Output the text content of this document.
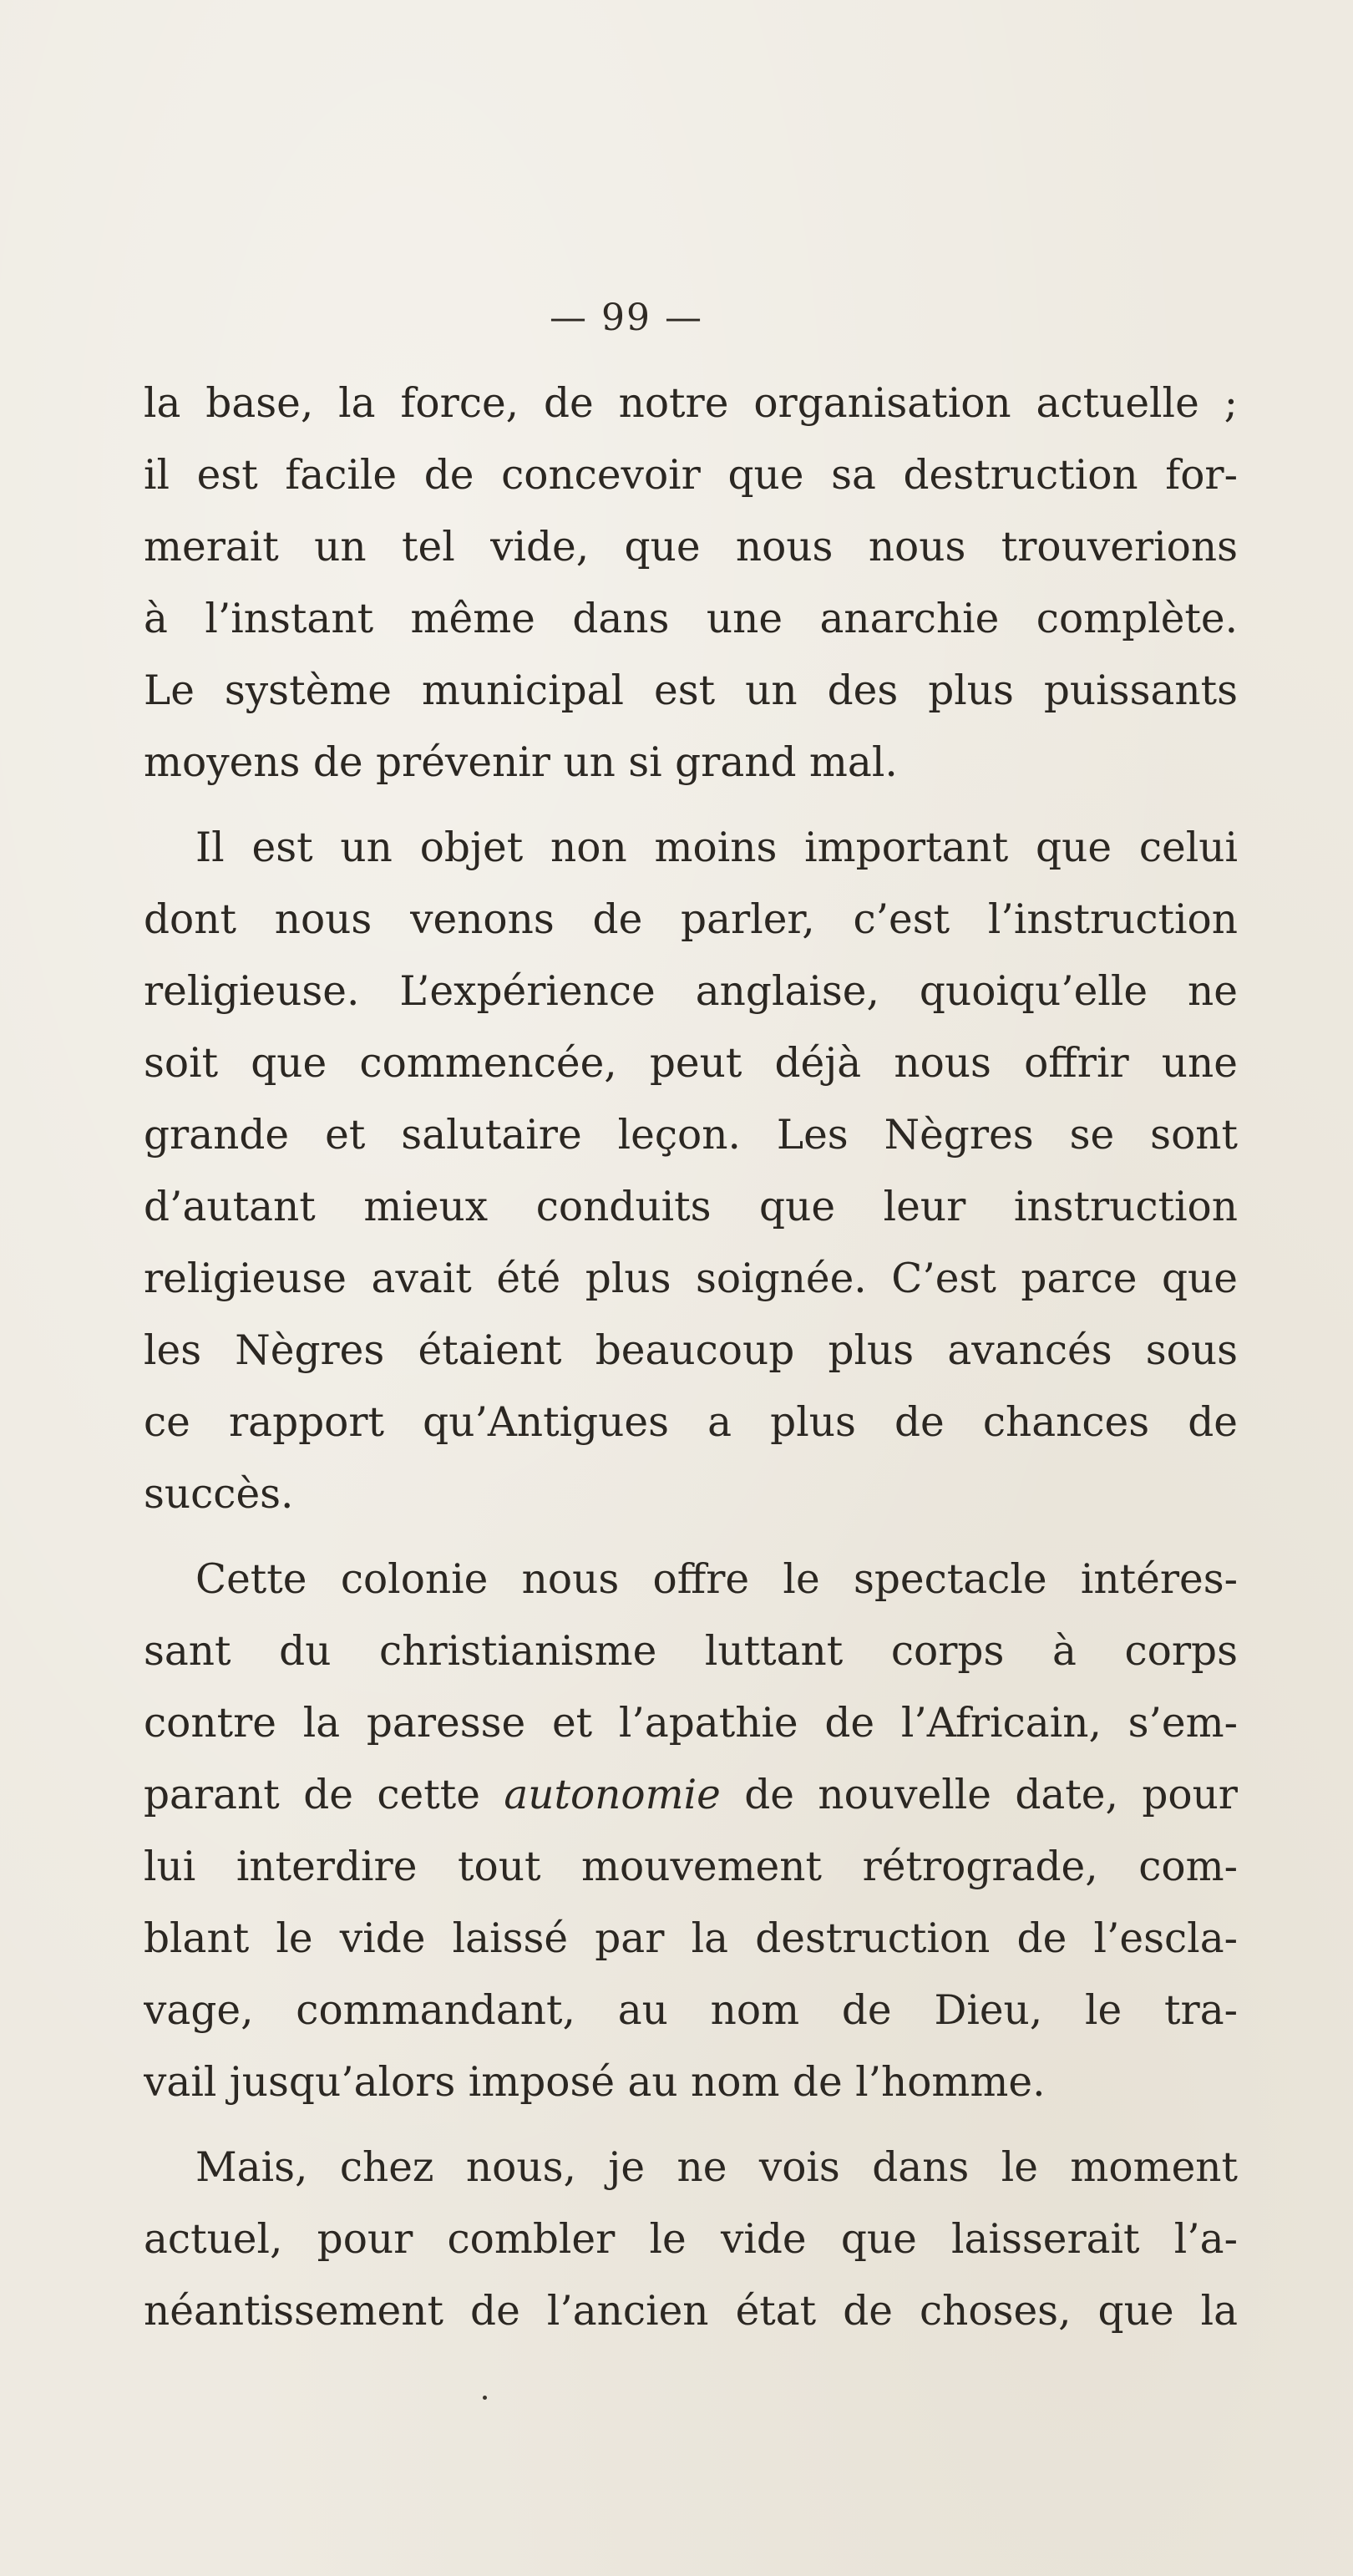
— 99 —
la base, la force, de notre organisation actuelle ;
il est facile de concevoir que sa destruction for-
merait un tel vide, que nous nous trouverions
à l’instant même dans une anarchie complète.
Le système municipal est un des plus puissants
moyens de prévenir un si grand mal.
Il est un objet non moins important que celui
dont nous venons de parler, c’est l’instruction
religieuse. L’expérience anglaise, quoiqu’elle ne
soit que commencée, peut déjà nous offrir une
grande et salutaire leçon. Les Nègres se sont
d’autant mieux conduits que leur instruction
religieuse avait été plus soignée. C’est parce que
les Nègres étaient beaucoup plus avancés sous
ce rapport qu’Antigues a plus de chances de
succès.
Cette colonie nous offre le spectacle intéres-
sant du christianisme luttant corps à corps
contre la paresse et l’apathie de l’Africain, s’em-
parant de cette autonomie de nouvelle date, pour
lui interdire tout mouvement rétrograde, com-
blant le vide laissé par la destruction de l’escla-
vage, commandant, au nom de Dieu, le tra-
vail jusqu’alors imposé au nom de l’homme.
Mais, chez nous, je ne vois dans le moment
actuel, pour combler le vide que laisserait l’a-
néantissement de l’ancien état de choses, que la
